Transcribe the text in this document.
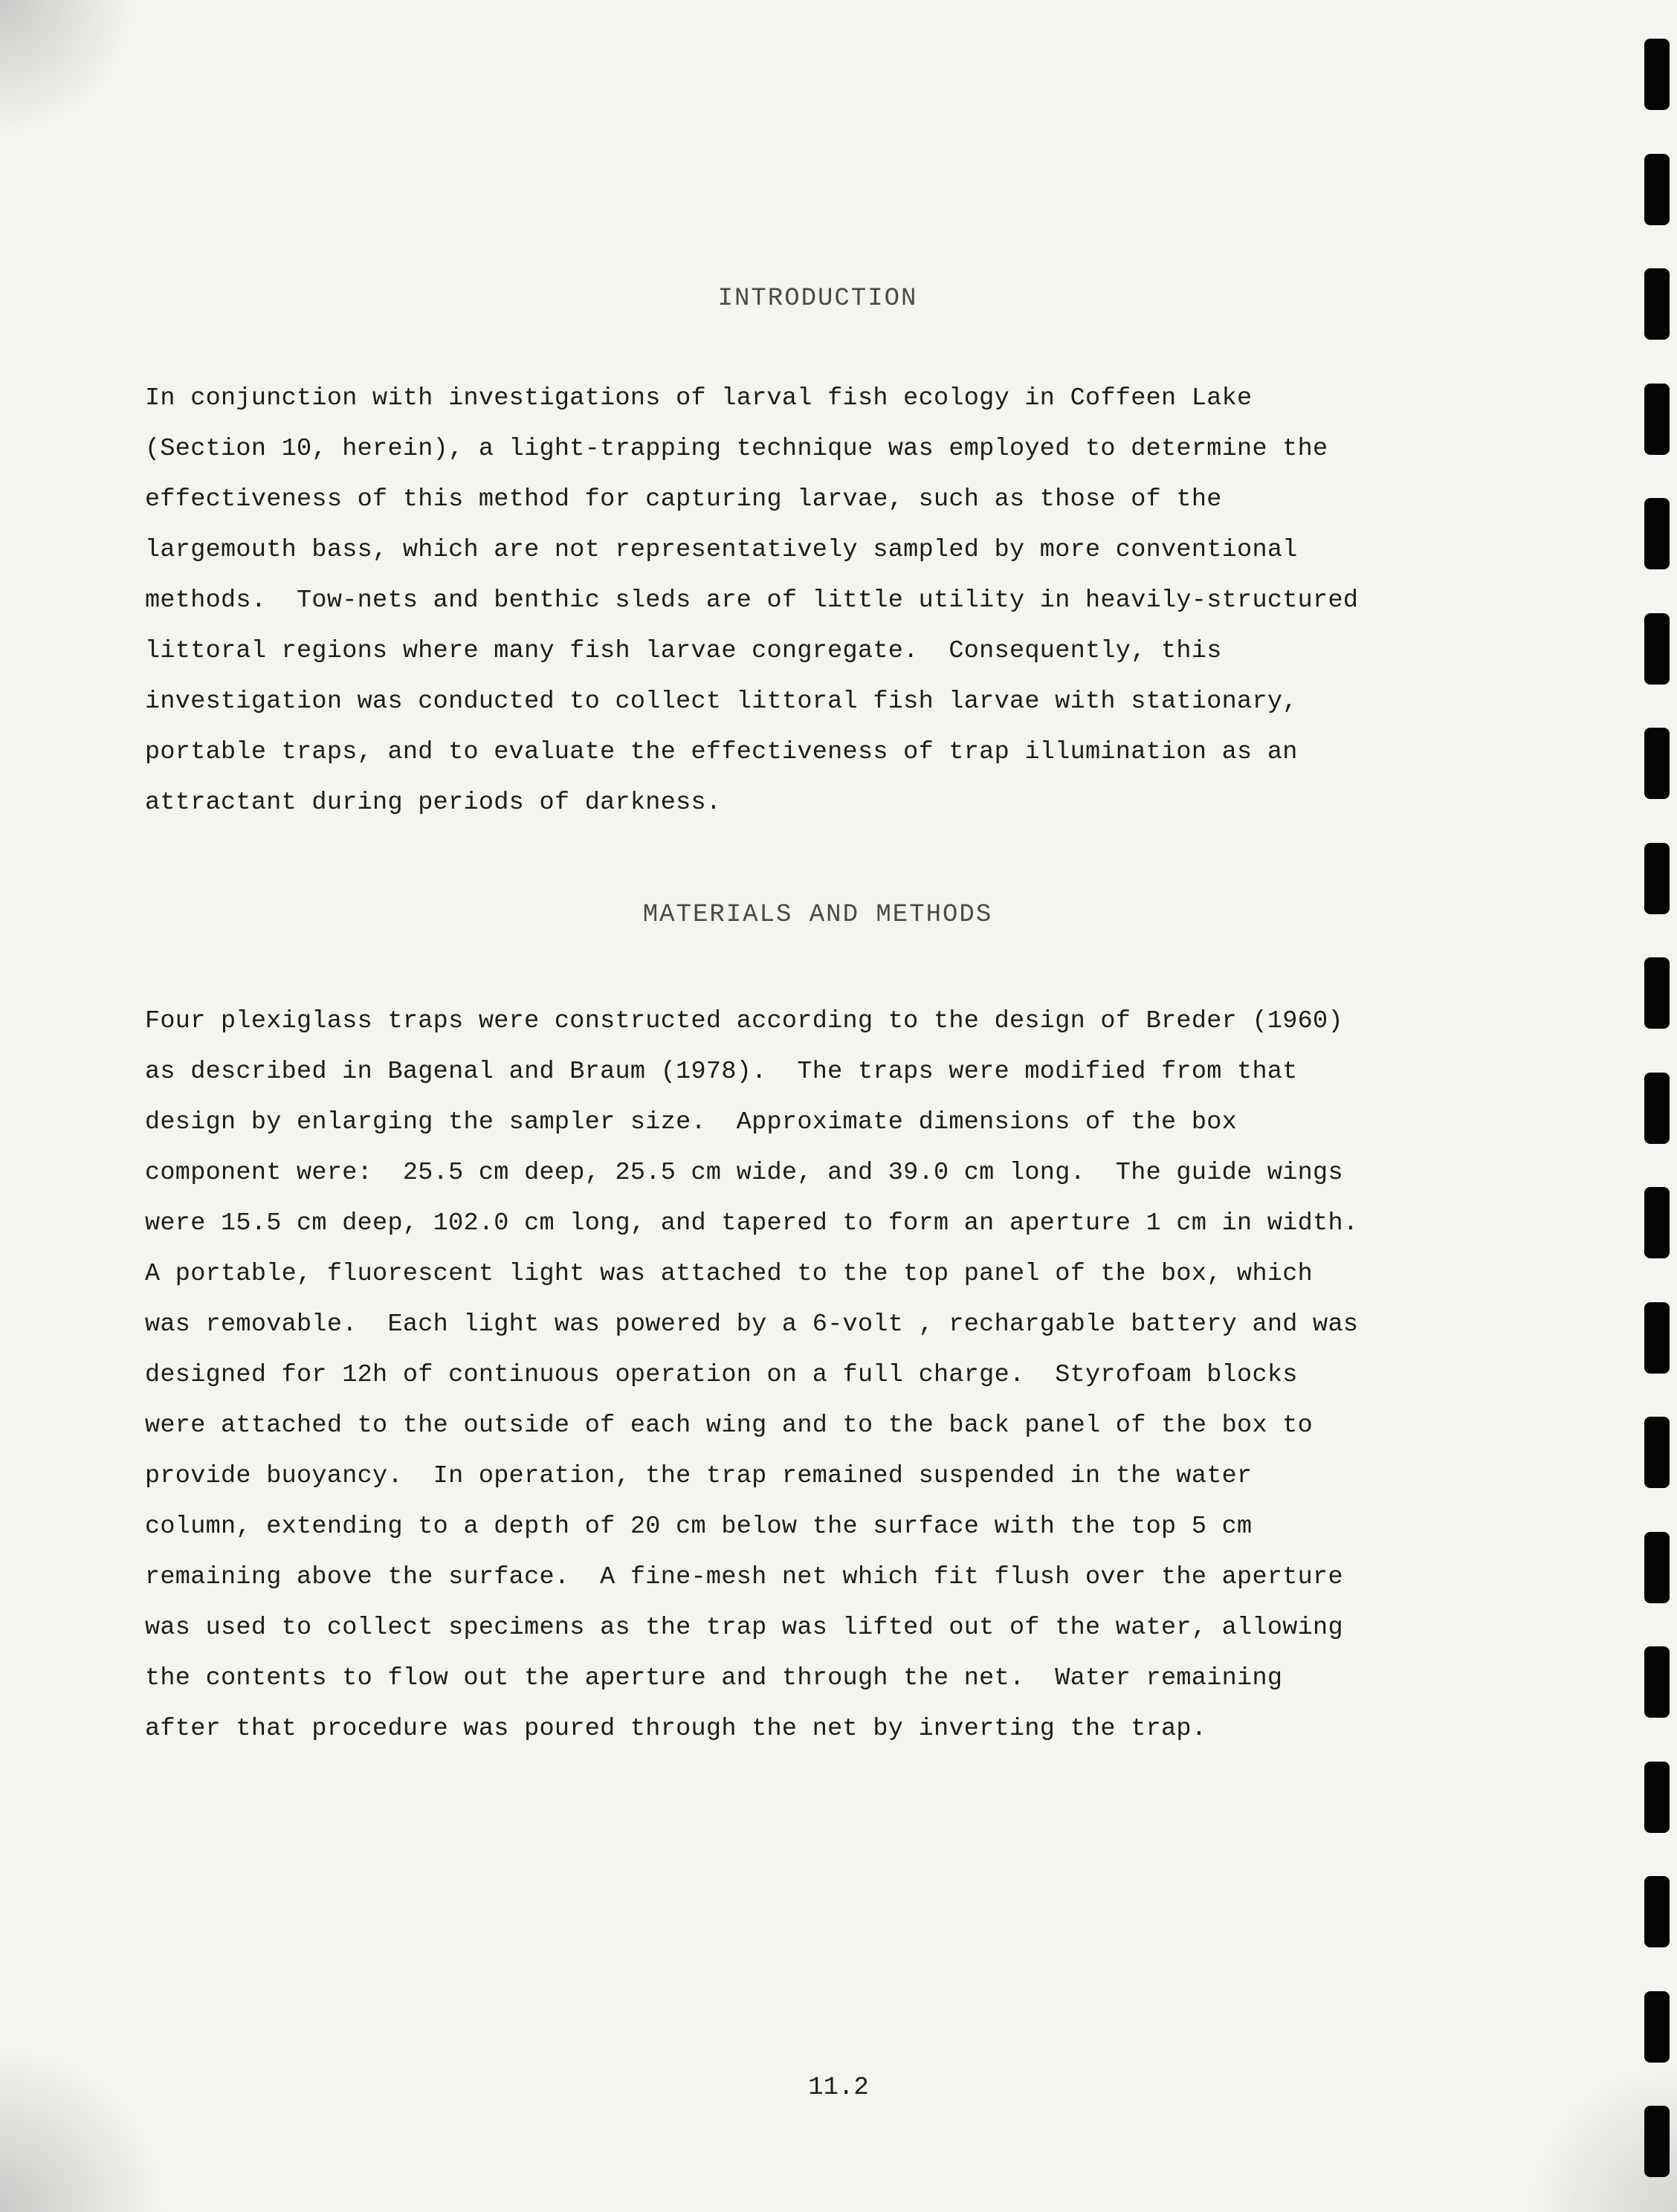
INTRODUCTION
In conjunction with investigations of larval fish ecology in Coffeen Lake
(Section 10, herein), a light-trapping technique was employed to determine the
effectiveness of this method for capturing larvae, such as those of the
largemouth bass, which are not representatively sampled by more conventional
methods.  Tow-nets and benthic sleds are of little utility in heavily-structured
littoral regions where many fish larvae congregate.  Consequently, this
investigation was conducted to collect littoral fish larvae with stationary,
portable traps, and to evaluate the effectiveness of trap illumination as an
attractant during periods of darkness.
MATERIALS AND METHODS
Four plexiglass traps were constructed according to the design of Breder (1960)
as described in Bagenal and Braum (1978).  The traps were modified from that
design by enlarging the sampler size.  Approximate dimensions of the box
component were:  25.5 cm deep, 25.5 cm wide, and 39.0 cm long.  The guide wings
were 15.5 cm deep, 102.0 cm long, and tapered to form an aperture 1 cm in width.
A portable, fluorescent light was attached to the top panel of the box, which
was removable.  Each light was powered by a 6-volt , rechargable battery and was
designed for 12h of continuous operation on a full charge.  Styrofoam blocks
were attached to the outside of each wing and to the back panel of the box to
provide buoyancy.  In operation, the trap remained suspended in the water
column, extending to a depth of 20 cm below the surface with the top 5 cm
remaining above the surface.  A fine-mesh net which fit flush over the aperture
was used to collect specimens as the trap was lifted out of the water, allowing
the contents to flow out the aperture and through the net.  Water remaining
after that procedure was poured through the net by inverting the trap.
11.2
